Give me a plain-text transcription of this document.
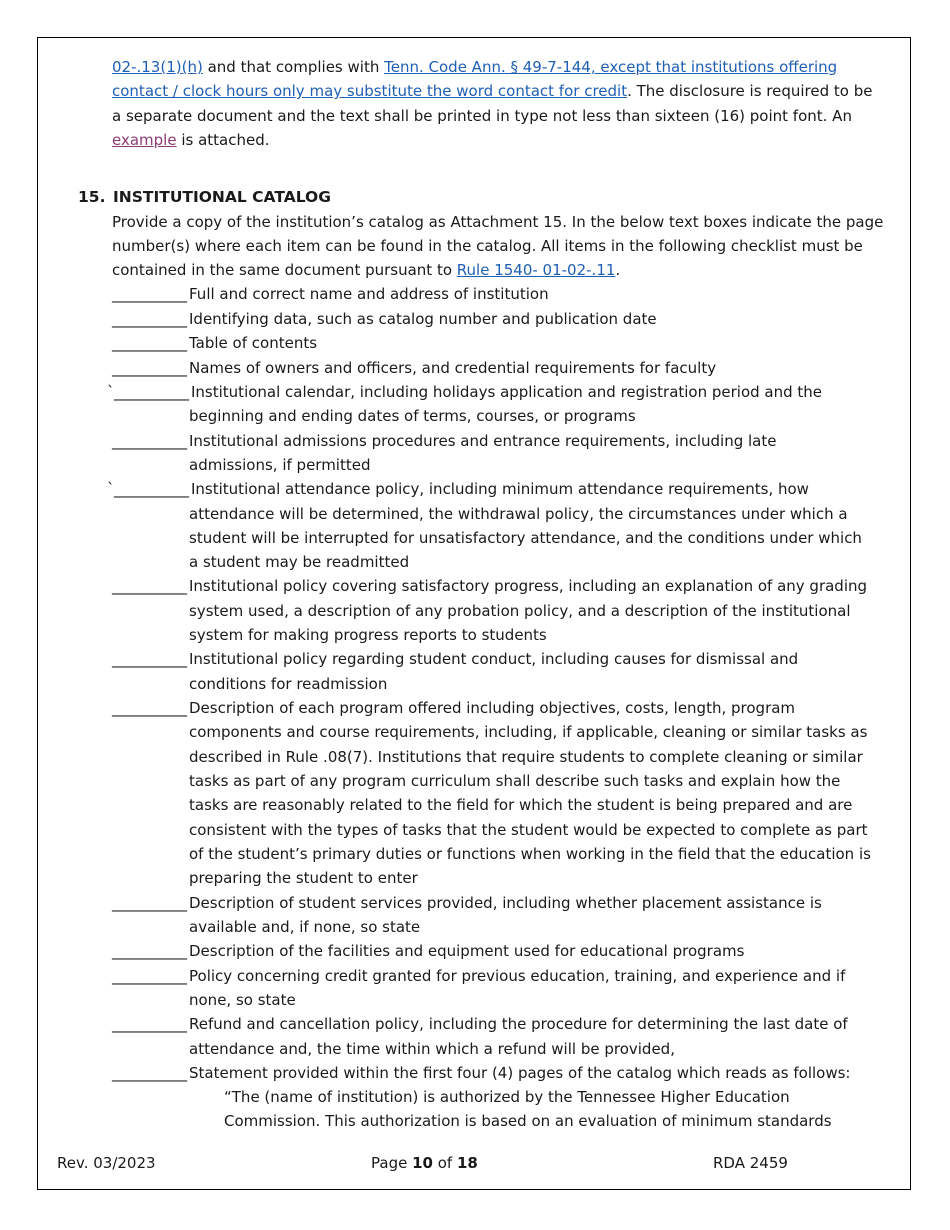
02-.13(1)(h) and that complies with Tenn. Code Ann. § 49-7-144, except that institutions offering
contact / clock hours only may substitute the word contact for credit. The disclosure is required to be
a separate document and the text shall be printed in type not less than sixteen (16) point font. An
example is attached.
15. INSTITUTIONAL CATALOG
Provide a copy of the institution’s catalog as Attachment 15. In the below text boxes indicate the page
number(s) where each item can be found in the catalog. All items in the following checklist must be
contained in the same document pursuant to Rule 1540- 01-02-.11.
__________ Full and correct name and address of institution
__________ Identifying data, such as catalog number and publication date
__________ Table of contents
__________ Names of owners and officers, and credential requirements for faculty
` __________ Institutional calendar, including holidays application and registration period and the
beginning and ending dates of terms, courses, or programs
__________ Institutional admissions procedures and entrance requirements, including late
admissions, if permitted
` __________ Institutional attendance policy, including minimum attendance requirements, how
attendance will be determined, the withdrawal policy, the circumstances under which a
student will be interrupted for unsatisfactory attendance, and the conditions under which
a student may be readmitted
__________ Institutional policy covering satisfactory progress, including an explanation of any grading
system used, a description of any probation policy, and a description of the institutional
system for making progress reports to students
__________ Institutional policy regarding student conduct, including causes for dismissal and
conditions for readmission
__________ Description of each program offered including objectives, costs, length, program
components and course requirements, including, if applicable, cleaning or similar tasks as
described in Rule .08(7). Institutions that require students to complete cleaning or similar
tasks as part of any program curriculum shall describe such tasks and explain how the
tasks are reasonably related to the field for which the student is being prepared and are
consistent with the types of tasks that the student would be expected to complete as part
of the student’s primary duties or functions when working in the field that the education is
preparing the student to enter
__________ Description of student services provided, including whether placement assistance is
available and, if none, so state
__________ Description of the facilities and equipment used for educational programs
__________ Policy concerning credit granted for previous education, training, and experience and if
none, so state
__________ Refund and cancellation policy, including the procedure for determining the last date of
attendance and, the time within which a refund will be provided,
__________ Statement provided within the first four (4) pages of the catalog which reads as follows:
“The (name of institution) is authorized by the Tennessee Higher Education
Commission. This authorization is based on an evaluation of minimum standards
Rev. 03/2023	Page 10 of 18	RDA 2459
